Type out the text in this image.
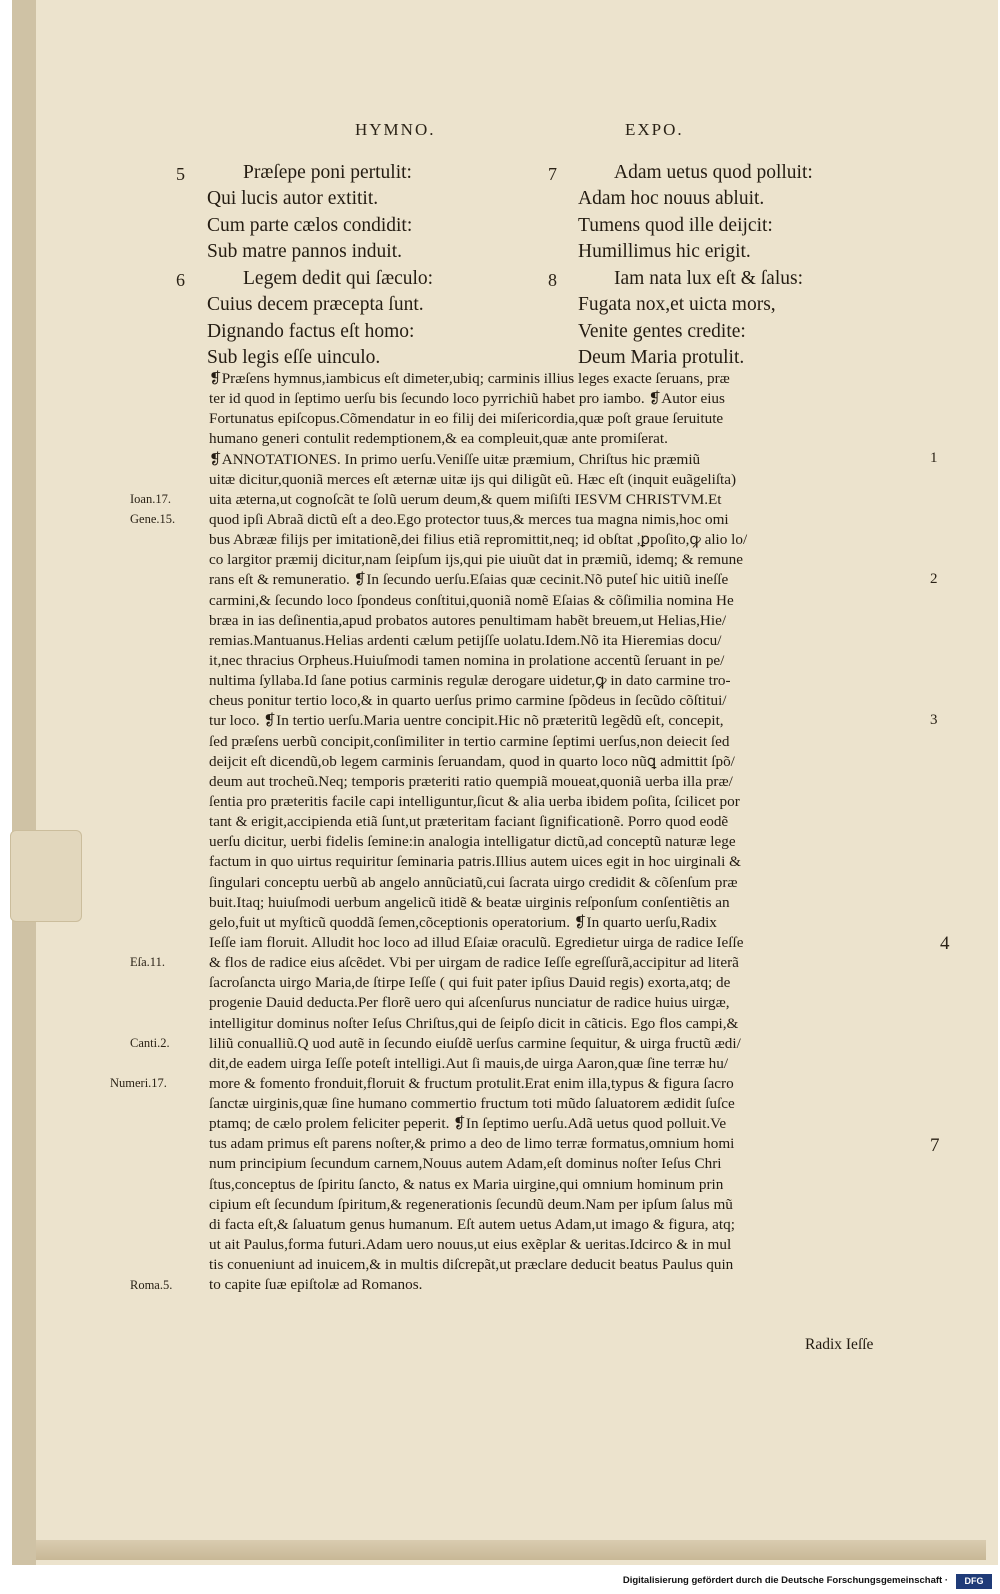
HYMNO.	EXPO.
Præſepe poni pertulit:
Qui lucis autor extitit.
Cum parte cælos condidit:
Sub matre pannos induit.
5
Legem dedit qui ſæculo:
Cuius decem præcepta ſunt.
Dignando factus eſt homo:
Sub legis eſſe uinculo.
6
Adam uetus quod polluit:
Adam hoc nouus abluit.
Tumens quod ille deijcit:
Humillimus hic erigit.
7
Iam nata lux eſt & ſalus:
Fugata nox,et uicta mors,
Venite gentes credite:
Deum Maria protulit.
8
❡Præſens hymnus,iambicus eſt dimeter,ubiq; carminis illius leges exacte ſeruans, præ
ter id quod in ſeptimo uerſu bis ſecundo loco pyrrichiũ habet pro iambo. ❡Autor eius
Fortunatus epiſcopus.Cõmendatur in eo filij dei miſericordia,quæ poſt graue ſeruitute
humano generi contulit redemptionem,& ea compleuit,quæ ante promiſerat.
❡ANNOTATIONES. In primo uerſu.Veniſſe uitæ præmium, Chriſtus hic præmiũ
uitæ dicitur,quoniã merces eſt æternæ uitæ ijs qui diligũt eũ. Hæc eſt (inquit euãgeliſta)
uita æterna,ut cognoſcãt te ſolũ uerum deum,& quem miſiſti IESVM CHRISTVM.Et
quod ipſi Abraã dictũ eſt a deo.Ego protector tuus,& merces tua magna nimis,hoc omi
bus Abrææ filijs per imitationẽ,dei filius etiã repromittit,neq; id obſtat ,ꝑpoſito,ꝙ alio lo/
co largitor præmij dicitur,nam ſeipſum ijs,qui pie uiuũt dat in præmiũ, idemq; & remune
rans eſt & remuneratio. ❡In ſecundo uerſu.Eſaias quæ cecinit.Nõ puteſ hic uitiũ ineſſe
carmini,& ſecundo loco ſpondeus conſtitui,quoniã nomẽ Eſaias & cõſimilia nomina He
bræa in ias deſinentia,apud probatos autores penultimam habẽt breuem,ut Helias,Hie/
remias.Mantuanus.Helias ardenti cælum petijſſe uolatu.Idem.Nõ ita Hieremias docu/
it,nec thracius Orpheus.Huiuſmodi tamen nomina in prolatione accentũ ſeruant in pe/
nultima ſyllaba.Id ſane potius carminis regulæ derogare uidetur,ꝙ in dato carmine tro-
cheus ponitur tertio loco,& in quarto uerſus primo carmine ſpõdeus in ſecũdo cõſtitui/
tur loco. ❡In tertio uerſu.Maria uentre concipit.Hic nõ præteritũ legẽdũ eſt, concepit,
ſed præſens uerbũ concipit,conſimiliter in tertio carmine ſeptimi uerſus,non deiecit ſed
deijcit eſt dicendũ,ob legem carminis ſeruandam, quod in quarto loco nũꝗ admittit ſpõ/
deum aut trocheũ.Neq; temporis præteriti ratio quempiã moueat,quoniã uerba illa præ/
ſentia pro præteritis facile capi intelliguntur,ſicut & alia uerba ibidem poſita, ſcilicet por
tant & erigit,accipienda etiã ſunt,ut præteritam faciant ſignificationẽ. Porro quod eodẽ
uerſu dicitur, uerbi fidelis ſemine:in analogia intelligatur dictũ,ad conceptũ naturæ lege
factum in quo uirtus requiritur ſeminaria patris.Illius autem uices egit in hoc uirginali &
ſingulari conceptu uerbũ ab angelo annũciatũ,cui ſacrata uirgo credidit & cõſenſum præ
buit.Itaq; huiuſmodi uerbum angelicũ itidẽ & beatæ uirginis reſponſum conſentiẽtis an
gelo,fuit ut myſticũ quoddã ſemen,cõceptionis operatorium. ❡In quarto uerſu,Radix
Ieſſe iam floruit. Alludit hoc loco ad illud Eſaiæ oraculũ. Egredietur uirga de radice Ieſſe
& flos de radice eius aſcẽdet. Vbi per uirgam de radice Ieſſe egreſſurã,accipitur ad literã
ſacroſancta uirgo Maria,de ſtirpe Ieſſe ( qui fuit pater ipſius Dauid regis) exorta,atq; de
progenie Dauid deducta.Per florẽ uero qui aſcenſurus nunciatur de radice huius uirgæ,
intelligitur dominus noſter Ieſus Chriſtus,qui de ſeipſo dicit in cãticis. Ego flos campi,&
liliũ conualliũ.Q uod autẽ in ſecundo eiuſdẽ uerſus carmine ſequitur, & uirga fructũ ædi/
dit,de eadem uirga Ieſſe poteſt intelligi.Aut ſi mauis,de uirga Aaron,quæ ſine terræ hu/
more & fomento fronduit,floruit & fructum protulit.Erat enim illa,typus & figura ſacro
ſanctæ uirginis,quæ ſine humano commertio fructum toti mũdo ſaluatorem ædidit ſuſce
ptamq; de cælo prolem feliciter peperit. ❡In ſeptimo uerſu.Adã uetus quod polluit.Ve
tus adam primus eſt parens noſter,& primo a deo de limo terræ formatus,omnium homi
num principium ſecundum carnem,Nouus autem Adam,eſt dominus noſter Ieſus Chri
ſtus,conceptus de ſpiritu ſancto, & natus ex Maria uirgine,qui omnium hominum prin
cipium eſt ſecundum ſpiritum,& regenerationis ſecundũ deum.Nam per ipſum ſalus mũ
di facta eſt,& ſaluatum genus humanum. Eſt autem uetus Adam,ut imago & figura, atq;
ut ait Paulus,forma futuri.Adam uero nouus,ut eius exẽplar & ueritas.Idcirco & in mul
tis conueniunt ad inuicem,& in multis diſcrepãt,ut præclare deducit beatus Paulus quin
to capite ſuæ epiſtolæ ad Romanos.
Ioan.17.
Gene.15.
Eſa.11.
Canti.2.
Numeri.17.
Roma.5.
1
2
3
4
7
Radix Ieſſe
Digitalisierung gefördert durch die Deutsche Forschungsgemeinschaft ·	DFG
